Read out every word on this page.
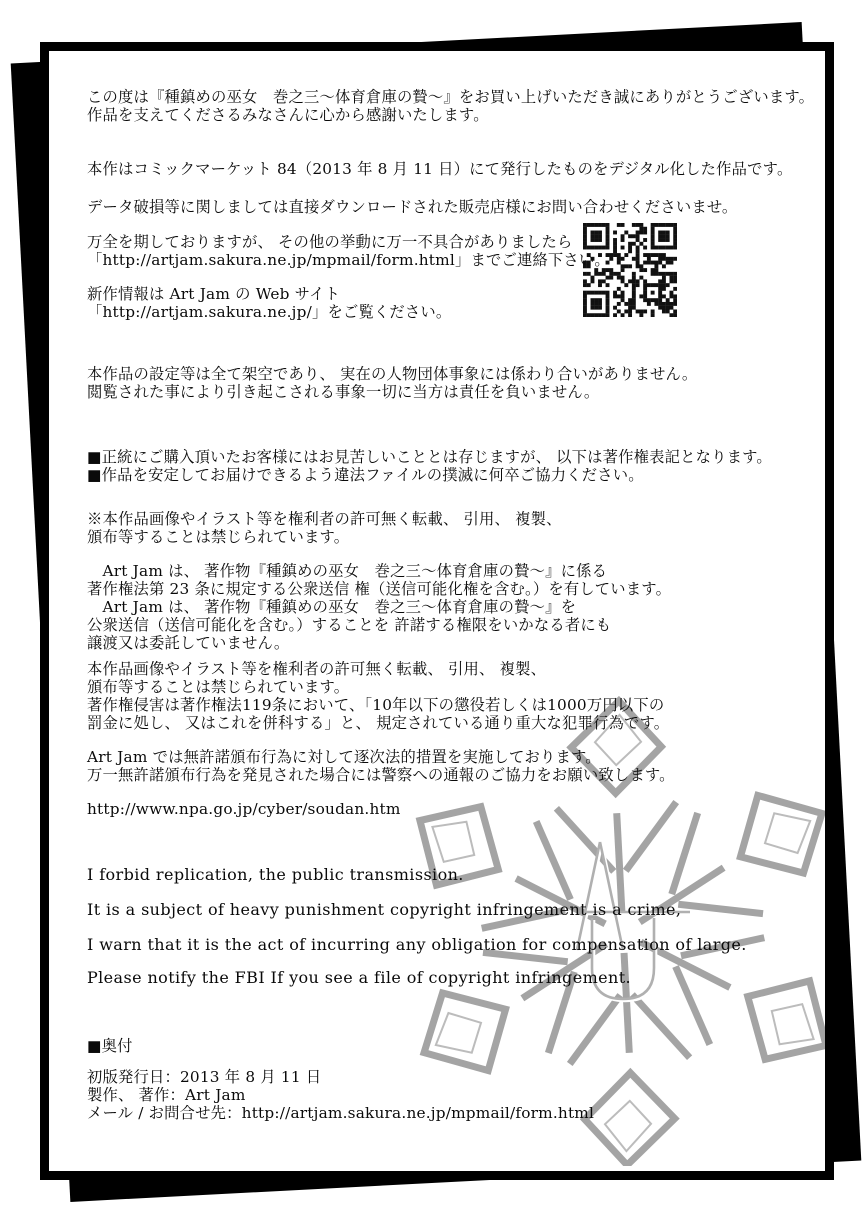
この度は『種鎮めの巫女　巻之三～体育倉庫の贄～』をお買い上げいただき誠にありがとうございます。
作品を支えてくださるみなさんに心から感謝いたします。
本作はコミックマーケット 84（2013 年 8 月 11 日）にて発行したものをデジタル化した作品です。
データ破損等に関しましては直接ダウンロードされた販売店様にお問い合わせくださいませ。
万全を期しておりますが、 その他の挙動に万一不具合がありましたら
「http://artjam.sakura.ne.jp/mpmail/form.html」までご連絡下さい。
新作情報は Art Jam の Web サイト
「http://artjam.sakura.ne.jp/」をご覧ください。
本作品の設定等は全て架空であり、 実在の人物団体事象には係わり合いがありません。
閲覧された事により引き起こされる事象一切に当方は責任を負いません。
■正統にご購入頂いたお客様にはお見苦しいこととは存じますが、 以下は著作権表記となります。
■作品を安定してお届けできるよう違法ファイルの撲滅に何卒ご協力ください。
※本作品画像やイラスト等を権利者の許可無く転載、 引用、 複製、
頒布等することは禁じられています。
　Art Jam は、 著作物『種鎮めの巫女　巻之三～体育倉庫の贄～』に係る
著作権法第 23 条に規定する公衆送信 権（送信可能化権を含む。）を有しています。
　Art Jam は、 著作物『種鎮めの巫女　巻之三～体育倉庫の贄～』を
公衆送信（送信可能化を含む。）することを 許諾する権限をいかなる者にも
譲渡又は委託していません。
本作品画像やイラスト等を権利者の許可無く転載、 引用、 複製、
頒布等することは禁じられています。
著作権侵害は著作権法119条において、「10年以下の懲役若しくは1000万円以下の
罰金に処し、 又はこれを併科する」と、 規定されている通り重大な犯罪行為です。
Art Jam では無許諾頒布行為に対して逐次法的措置を実施しております。
万一無許諾頒布行為を発見された場合には警察への通報のご協力をお願い致します。
http://www.npa.go.jp/cyber/soudan.htm
I forbid replication, the public transmission.
It is a subject of heavy punishment copyright infringement is a crime,
I warn that it is the act of incurring any obligation for compensation of large.
Please notify the FBI If you see a file of copyright infringement.
■奥付
初版発行日：2013 年 8 月 11 日
製作、 著作：Art Jam
メール / お問合せ先：http://artjam.sakura.ne.jp/mpmail/form.html
